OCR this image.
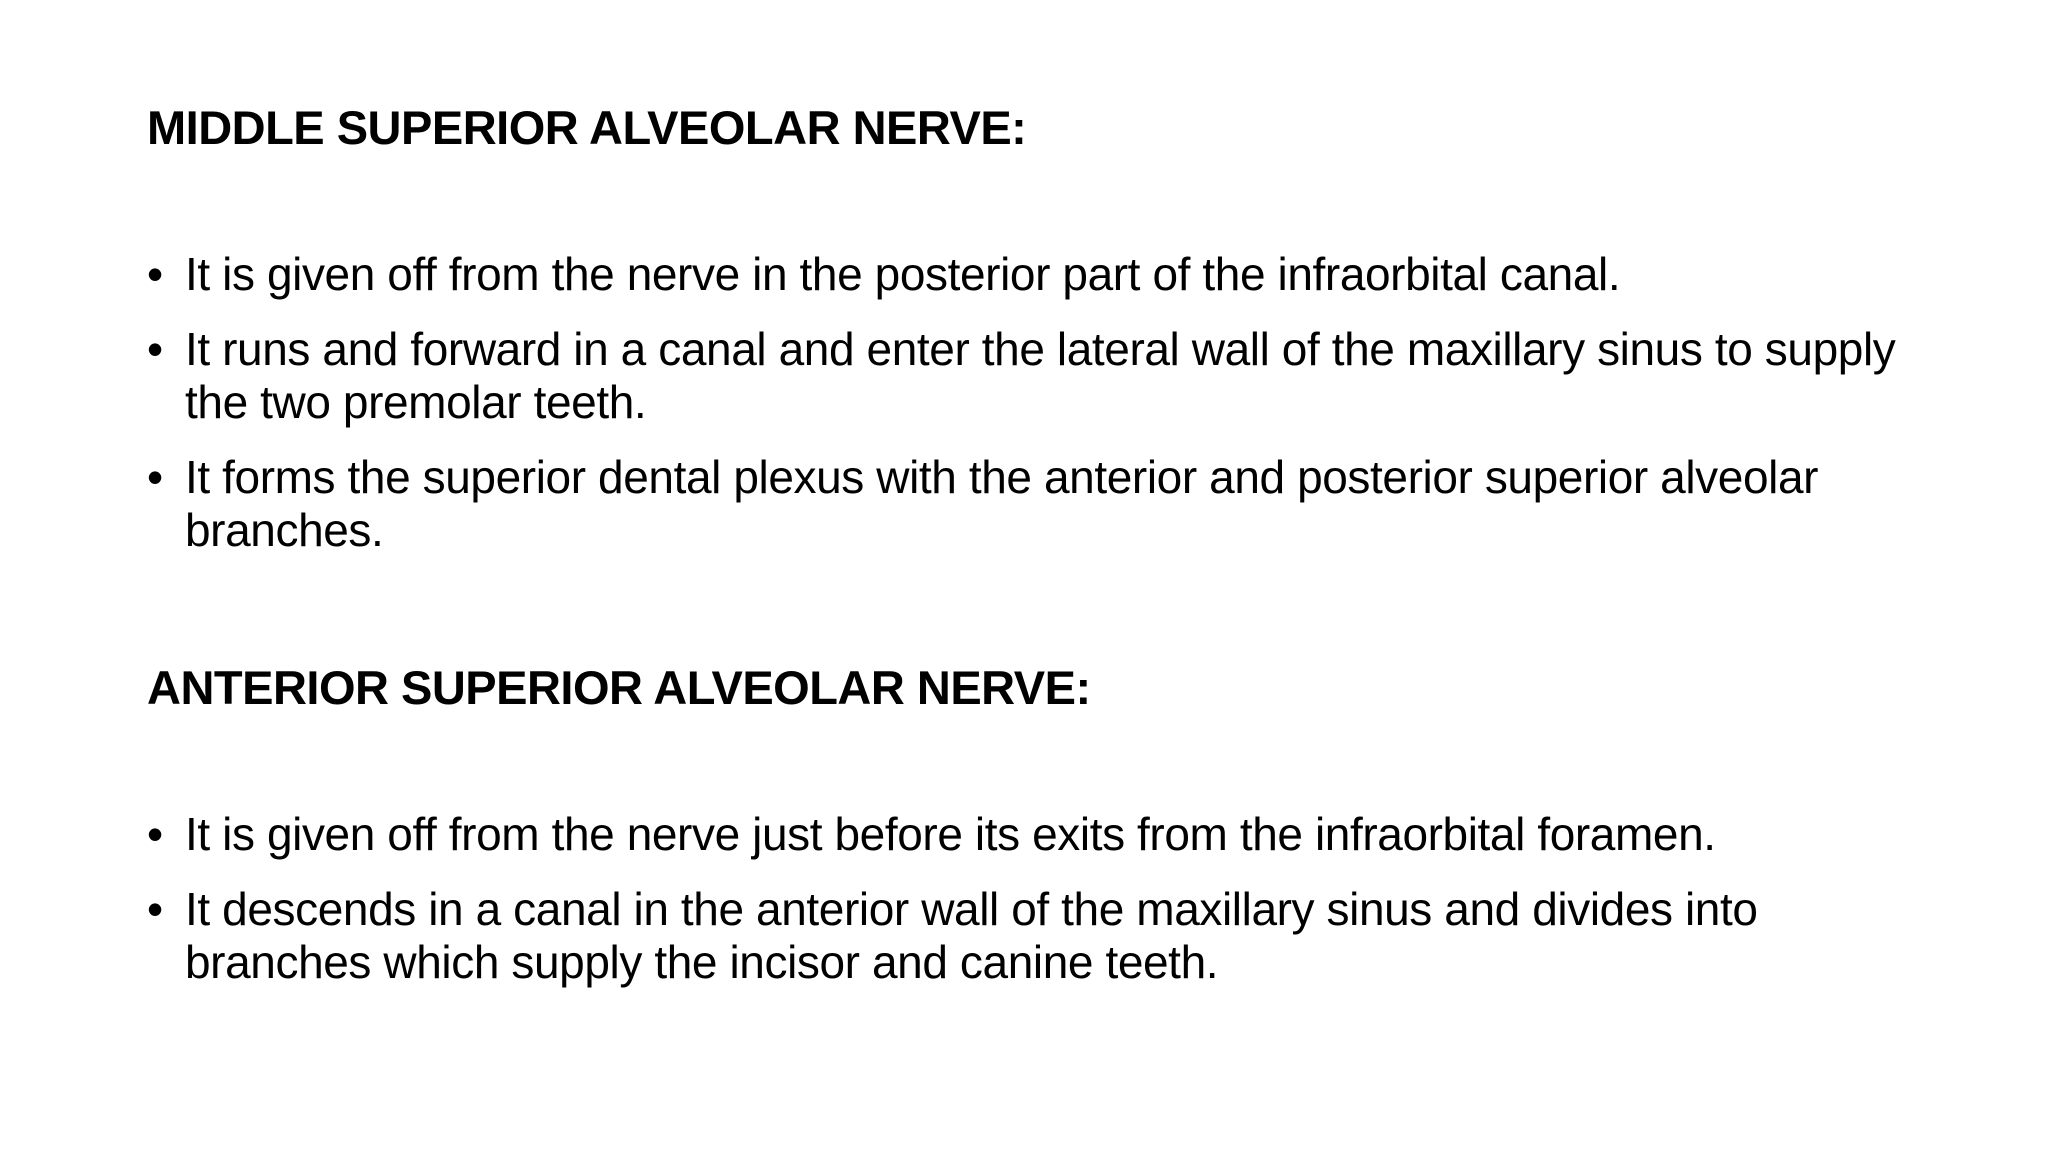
MIDDLE SUPERIOR ALVEOLAR NERVE:
• It is given off from the nerve in the posterior part of the infraorbital canal.
• It runs and forward in a canal and enter the lateral wall of the maxillary sinus to supply the two premolar teeth.
• It forms the superior dental plexus with the anterior and posterior superior alveolar branches.
ANTERIOR SUPERIOR ALVEOLAR NERVE:
• It is given off from the nerve just before its exits from the infraorbital foramen.
• It descends in a canal in the anterior wall of the maxillary sinus and divides into branches which supply the incisor and canine teeth.
